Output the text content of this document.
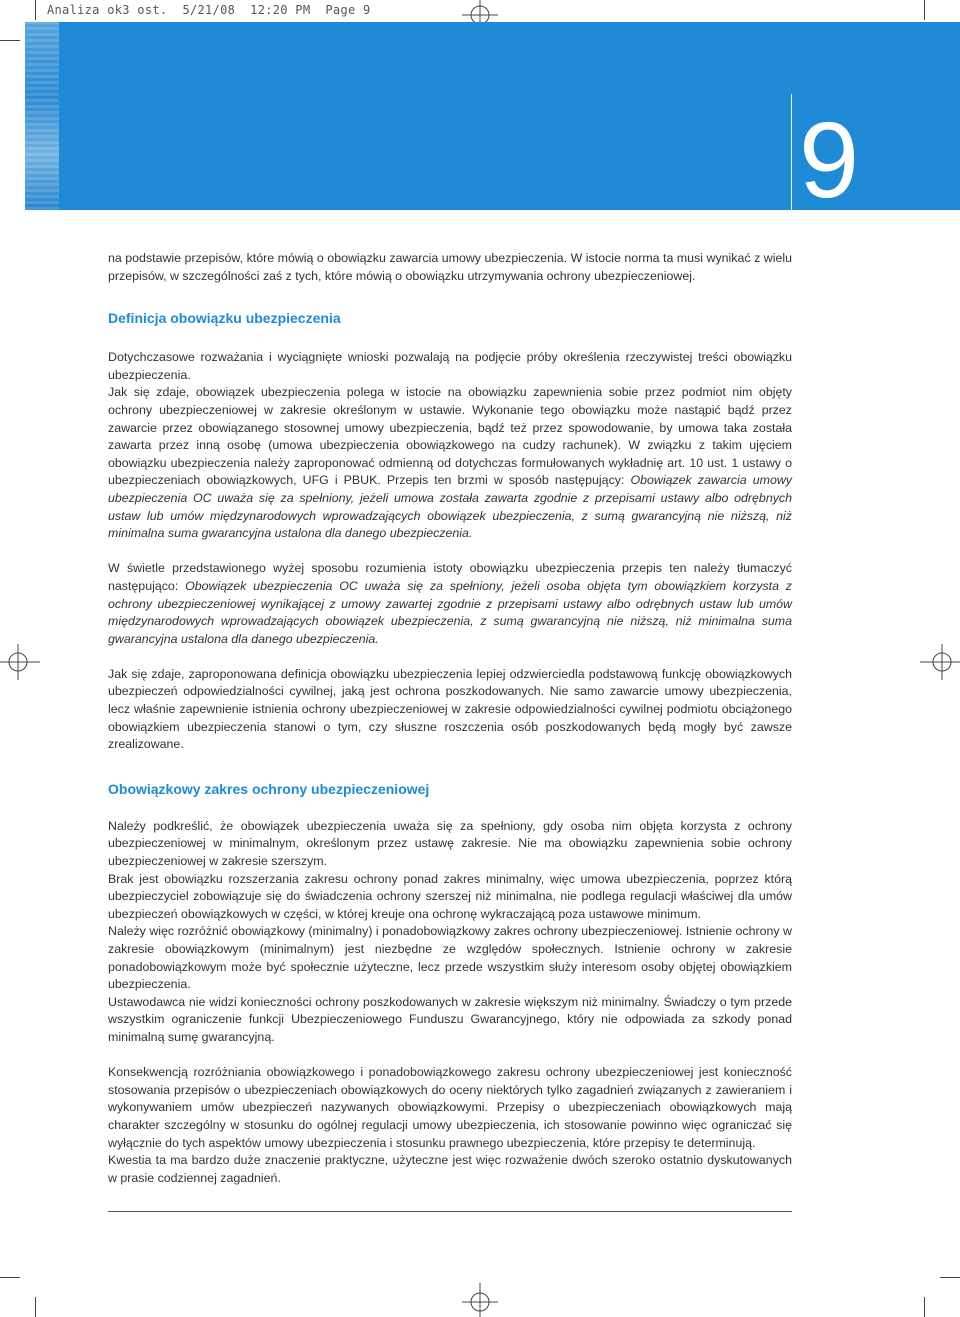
Analiza ok3 ost.  5/21/08  12:20 PM  Page 9
9

na podstawie przepisów, które mówią o obowiązku zawarcia umowy ubezpieczenia. W istocie norma ta musi wynikać z wielu przepisów, w szczególności zaś z tych, które mówią o obowiązku utrzymywania ochrony ubezpieczeniowej.

Definicja obowiązku ubezpieczenia

Dotychczasowe rozważania i wyciągnięte wnioski pozwalają na podjęcie próby określenia rzeczywistej treści obowiązku ubezpieczenia.

Jak się zdaje, obowiązek ubezpieczenia polega w istocie na obowiązku zapewnienia sobie przez podmiot nim objęty ochrony ubezpieczeniowej w zakresie określonym w ustawie. Wykonanie tego obowiązku może nastąpić bądź przez zawarcie przez obowiązanego stosownej umowy ubezpieczenia, bądź też przez spowodowanie, by umowa taka została zawarta przez inną osobę (umowa ubezpieczenia obowiązkowego na cudzy rachunek). W związku z takim ujęciem obowiązku ubezpieczenia należy zaproponować odmienną od dotychczas formułowanych wykładnię art. 10 ust. 1 ustawy o ubezpieczeniach obowiązkowych, UFG i PBUK. Przepis ten brzmi w sposób następujący: Obowiązek zawarcia umowy ubezpieczenia OC uważa się za spełniony, jeżeli umowa została zawarta zgodnie z przepisami ustawy albo odrębnych ustaw lub umów międzynarodowych wprowadzających obowiązek ubezpieczenia, z sumą gwarancyjną nie niższą, niż minimalna suma gwarancyjna ustalona dla danego ubezpieczenia.

W świetle przedstawionego wyżej sposobu rozumienia istoty obowiązku ubezpieczenia przepis ten należy tłumaczyć następująco: Obowiązek ubezpieczenia OC uważa się za spełniony, jeżeli osoba objęta tym obowiązkiem korzysta z ochrony ubezpieczeniowej wynikającej z umowy zawartej zgodnie z przepisami ustawy albo odrębnych ustaw lub umów międzynarodowych wprowadzających obowiązek ubezpieczenia, z sumą gwarancyjną nie niższą, niż minimalna suma gwarancyjna ustalona dla danego ubezpieczenia.

Jak się zdaje, zaproponowana definicja obowiązku ubezpieczenia lepiej odzwierciedla podstawową funkcję obowiązkowych ubezpieczeń odpowiedzialności cywilnej, jaką jest ochrona poszkodowanych. Nie samo zawarcie umowy ubezpieczenia, lecz właśnie zapewnienie istnienia ochrony ubezpieczeniowej w zakresie odpowiedzialności cywilnej podmiotu obciążonego obowiązkiem ubezpieczenia stanowi o tym, czy słuszne roszczenia osób poszkodowanych będą mogły być zawsze zrealizowane.

Obowiązkowy zakres ochrony ubezpieczeniowej

Należy podkreślić, że obowiązek ubezpieczenia uważa się za spełniony, gdy osoba nim objęta korzysta z ochrony ubezpieczeniowej w minimalnym, określonym przez ustawę zakresie. Nie ma obowiązku zapewnienia sobie ochrony ubezpieczeniowej w zakresie szerszym.

Brak jest obowiązku rozszerzania zakresu ochrony ponad zakres minimalny, więc umowa ubezpieczenia, poprzez którą ubezpieczyciel zobowiązuje się do świadczenia ochrony szerszej niż minimalna, nie podlega regulacji właściwej dla umów ubezpieczeń obowiązkowych w części, w której kreuje ona ochronę wykraczającą poza ustawowe minimum.

Należy więc rozróżnić obowiązkowy (minimalny) i ponadobowiązkowy zakres ochrony ubezpieczeniowej. Istnienie ochrony w zakresie obowiązkowym (minimalnym) jest niezbędne ze względów społecznych. Istnienie ochrony w zakresie ponadobowiązkowym może być społecznie użyteczne, lecz przede wszystkim służy interesom osoby objętej obowiązkiem ubezpieczenia.

Ustawodawca nie widzi konieczności ochrony poszkodowanych w zakresie większym niż minimalny. Świadczy o tym przede wszystkim ograniczenie funkcji Ubezpieczeniowego Funduszu Gwarancyjnego, który nie odpowiada za szkody ponad minimalną sumę gwarancyjną.

Konsekwencją rozróżniania obowiązkowego i ponadobowiązkowego zakresu ochrony ubezpieczeniowej jest konieczność stosowania przepisów o ubezpieczeniach obowiązkowych do oceny niektórych tylko zagadnień związanych z zawieraniem i wykonywaniem umów ubezpieczeń nazywanych obowiązkowymi. Przepisy o ubezpieczeniach obowiązkowych mają charakter szczególny w stosunku do ogólnej regulacji umowy ubezpieczenia, ich stosowanie powinno więc ograniczać się wyłącznie do tych aspektów umowy ubezpieczenia i stosunku prawnego ubezpieczenia, które przepisy te determinują.

Kwestia ta ma bardzo duże znaczenie praktyczne, użyteczne jest więc rozważenie dwóch szeroko ostatnio dyskutowanych w prasie codziennej zagadnień.
